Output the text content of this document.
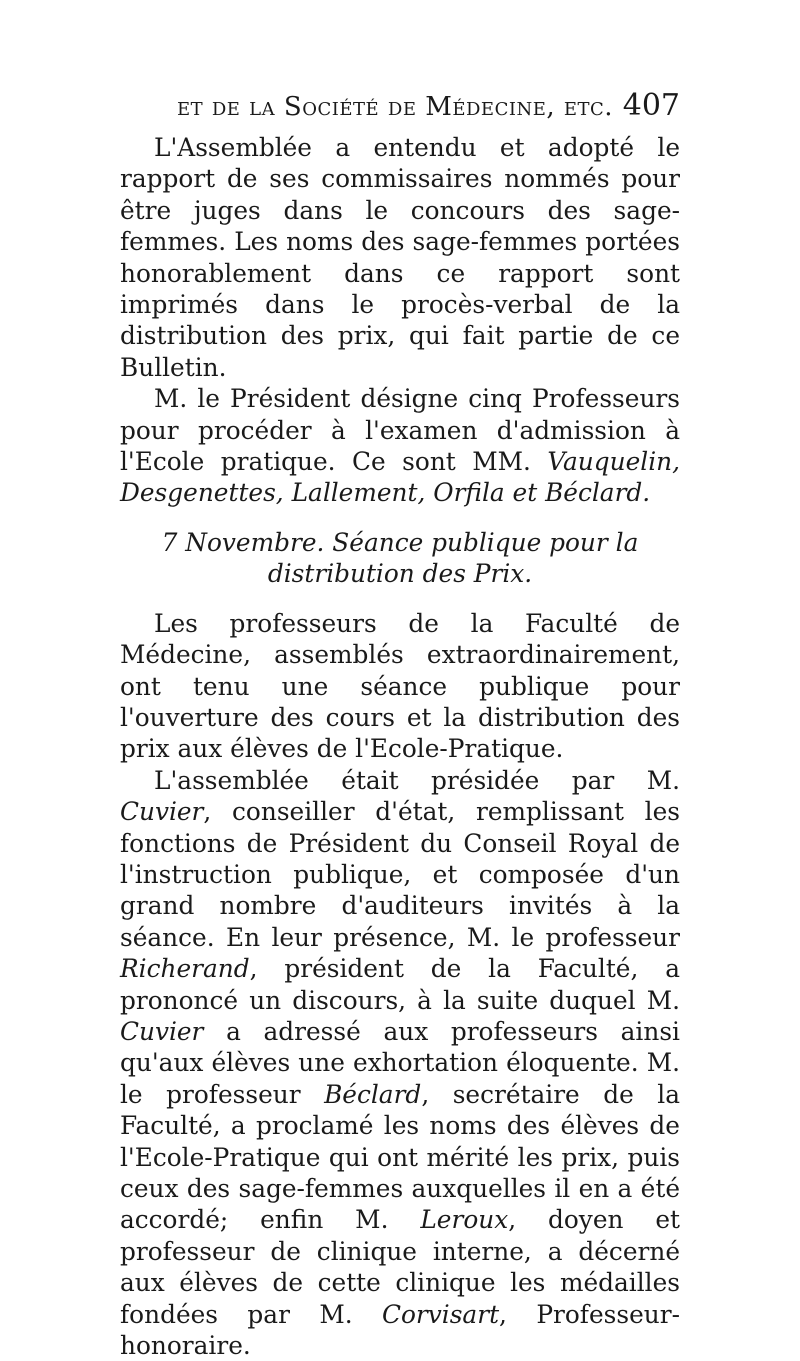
et de la Société de Médecine, etc. 407

L'Assemblée a entendu et adopté le rapport de ses commissaires nommés pour être juges dans le concours des sage-femmes. Les noms des sage-femmes portées honorablement dans ce rapport sont imprimés dans le procès-verbal de la distribution des prix, qui fait partie de ce Bulletin.

M. le Président désigne cinq Professeurs pour procéder à l'examen d'admission à l'Ecole pratique. Ce sont MM. Vauquelin, Desgenettes, Lallement, Orfila et Béclard.

7 Novembre. Séance publique pour la distribution des Prix.

Les professeurs de la Faculté de Médecine, assemblés extraordinairement, ont tenu une séance publique pour l'ouverture des cours et la distribution des prix aux élèves de l'Ecole-Pratique.

L'assemblée était présidée par M. Cuvier, conseiller d'état, remplissant les fonctions de Président du Conseil Royal de l'instruction publique, et composée d'un grand nombre d'auditeurs invités à la séance. En leur présence, M. le professeur Richerand, président de la Faculté, a prononcé un discours, à la suite duquel M. Cuvier a adressé aux professeurs ainsi qu'aux élèves une exhortation éloquente. M. le professeur Béclard, secrétaire de la Faculté, a proclamé les noms des élèves de l'Ecole-Pratique qui ont mérité les prix, puis ceux des sage-femmes auxquelles il en a été accordé; enfin M. Leroux, doyen et professeur de clinique interne, a décerné aux élèves de cette clinique les médailles fondées par M. Corvisart, Professeur-honoraire.
